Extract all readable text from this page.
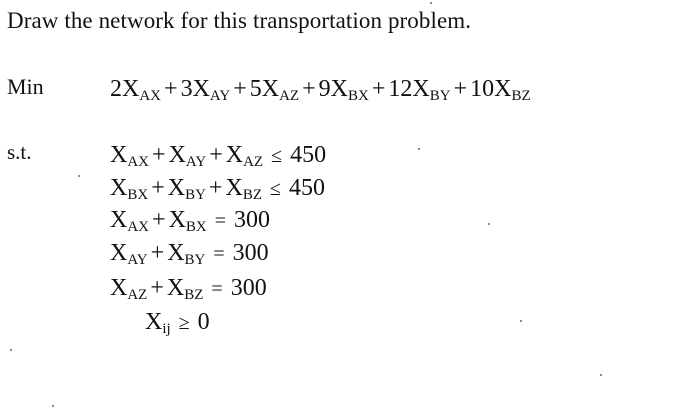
Draw the network for this transportation problem.
Min	$2X_{AX} + 3X_{AY} + 5X_{AZ} + 9X_{BX} + 12X_{BY} + 10X_{BZ}$
s.t.	$X_{AX} + X_{AY} + X_{AZ} \le 450$
$X_{BX} + X_{BY} + X_{BZ} \le 450$
$X_{AX} + X_{BX} = 300$
$X_{AY} + X_{BY} = 300$
$X_{AZ} + X_{BZ} = 300$
$X_{ij} \ge 0$
